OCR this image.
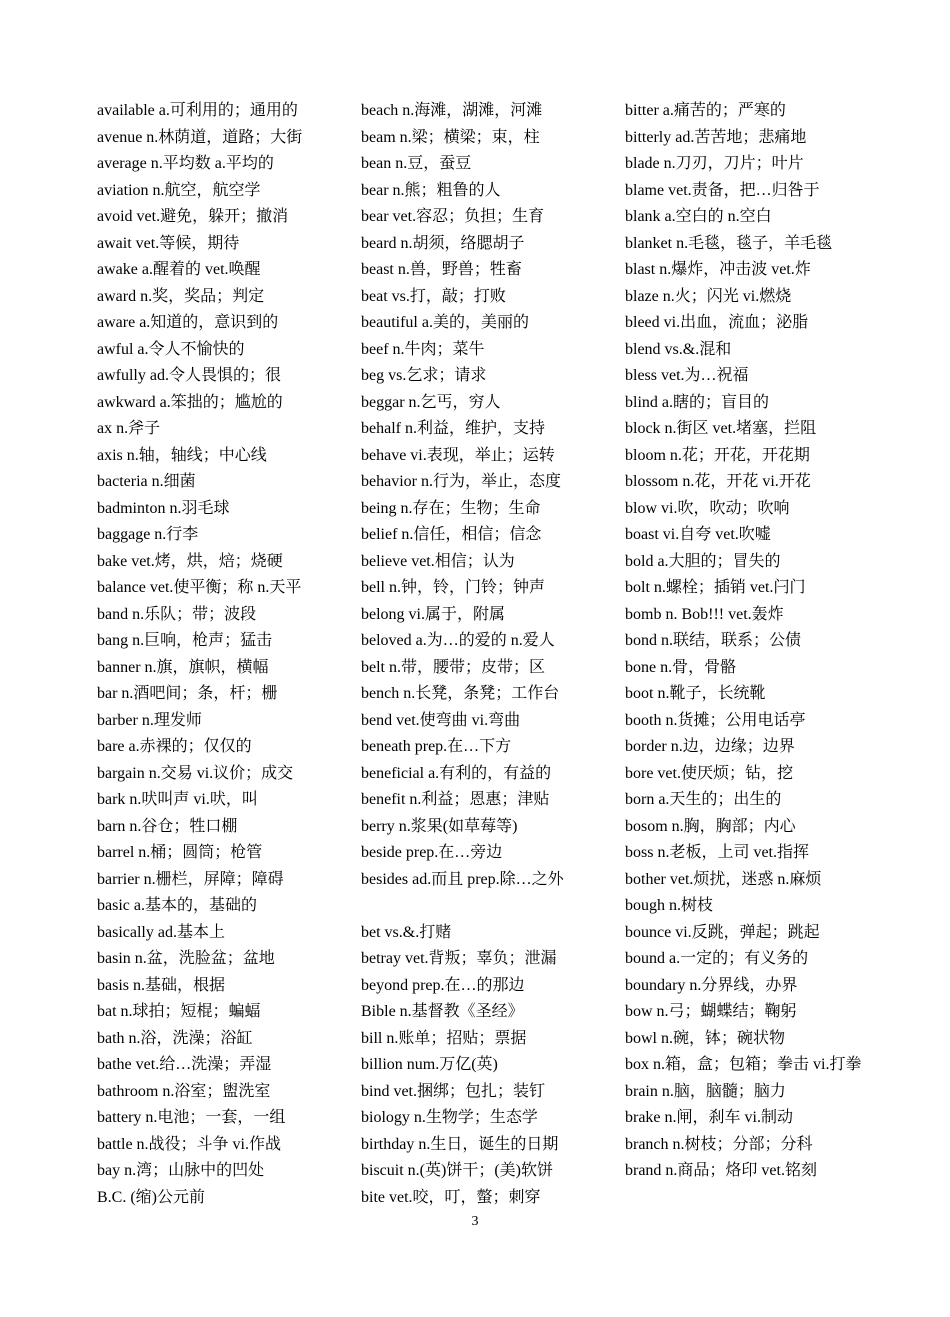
available a.可利用的；通用的
avenue n.林荫道，道路；大街
average n.平均数 a.平均的
aviation n.航空，航空学
avoid vet.避免，躲开；撤消
await vet.等候，期待
awake a.醒着的 vet.唤醒
award n.奖，奖品；判定
aware a.知道的，意识到的
awful a.令人不愉快的
awfully ad.令人畏惧的；很
awkward a.笨拙的；尴尬的
ax n.斧子
axis n.轴，轴线；中心线
bacteria n.细菌
badminton n.羽毛球
baggage n.行李
bake vet.烤，烘，焙；烧硬
balance vet.使平衡；称 n.天平
band n.乐队；带；波段
bang n.巨响，枪声；猛击
banner n.旗，旗帜，横幅
bar n.酒吧间；条，杆；栅
barber n.理发师
bare a.赤裸的；仅仅的
bargain n.交易 vi.议价；成交
bark n.吠叫声 vi.吠，叫
barn n.谷仓；牲口棚
barrel n.桶；圆筒；枪管
barrier n.栅栏，屏障；障碍
basic a.基本的，基础的
basically ad.基本上
basin n.盆，洗脸盆；盆地
basis n.基础，根据
bat n.球拍；短棍；蝙蝠
bath n.浴，洗澡；浴缸
bathe vet.给…洗澡；弄湿
bathroom n.浴室；盥洗室
battery n.电池；一套，一组
battle n.战役；斗争 vi.作战
bay n.湾；山脉中的凹处
B.C. (缩)公元前
beach n.海滩，湖滩，河滩
beam n.梁；横梁；束，柱
bean n.豆，蚕豆
bear n.熊；粗鲁的人
bear vet.容忍；负担；生育
beard n.胡须，络腮胡子
beast n.兽，野兽；牲畜
beat vs.打，敲；打败
beautiful a.美的，美丽的
beef n.牛肉；菜牛
beg vs.乞求；请求
beggar n.乞丐，穷人
behalf n.利益，维护，支持
behave vi.表现，举止；运转
behavior n.行为，举止，态度
being n.存在；生物；生命
belief n.信任，相信；信念
believe vet.相信；认为
bell n.钟，铃，门铃；钟声
belong vi.属于，附属
beloved a.为…的爱的 n.爱人
belt n.带，腰带；皮带；区
bench n.长凳，条凳；工作台
bend vet.使弯曲 vi.弯曲
beneath prep.在…下方
beneficial a.有利的，有益的
benefit n.利益；恩惠；津贴
berry n.浆果(如草莓等)
beside prep.在…旁边
besides ad.而且 prep.除…之外
bet vs.&.打赌
betray vet.背叛；辜负；泄漏
beyond prep.在…的那边
Bible n.基督教《圣经》
bill n.账单；招贴；票据
billion num.万亿(英)
bind vet.捆绑；包扎；装钉
biology n.生物学；生态学
birthday n.生日，诞生的日期
biscuit n.(英)饼干；(美)软饼
bite vet.咬，叮，螫；刺穿
bitter a.痛苦的；严寒的
bitterly ad.苦苦地；悲痛地
blade n.刀刃，刀片；叶片
blame vet.责备，把…归咎于
blank a.空白的 n.空白
blanket n.毛毯，毯子，羊毛毯
blast n.爆炸，冲击波 vet.炸
blaze n.火；闪光 vi.燃烧
bleed vi.出血，流血；泌脂
blend vs.&.混和
bless vet.为…祝福
blind a.瞎的；盲目的
block n.街区 vet.堵塞，拦阻
bloom n.花；开花，开花期
blossom n.花，开花 vi.开花
blow vi.吹，吹动；吹响
boast vi.自夸 vet.吹嘘
bold a.大胆的；冒失的
bolt n.螺栓；插销 vet.闩门
bomb n. Bob!!! vet.轰炸
bond n.联结，联系；公债
bone n.骨，骨骼
boot n.靴子，长统靴
booth n.货摊；公用电话亭
border n.边，边缘；边界
bore vet.使厌烦；钻，挖
born a.天生的；出生的
bosom n.胸，胸部；内心
boss n.老板，上司 vet.指挥
bother vet.烦扰，迷惑 n.麻烦
bough n.树枝
bounce vi.反跳，弹起；跳起
bound a.一定的；有义务的
boundary n.分界线，办界
bow n.弓；蝴蝶结；鞠躬
bowl n.碗，钵；碗状物
box n.箱，盒；包箱；拳击 vi.打拳
brain n.脑，脑髓；脑力
brake n.闸，刹车 vi.制动
branch n.树枝；分部；分科
brand n.商品；烙印 vet.铭刻
3
